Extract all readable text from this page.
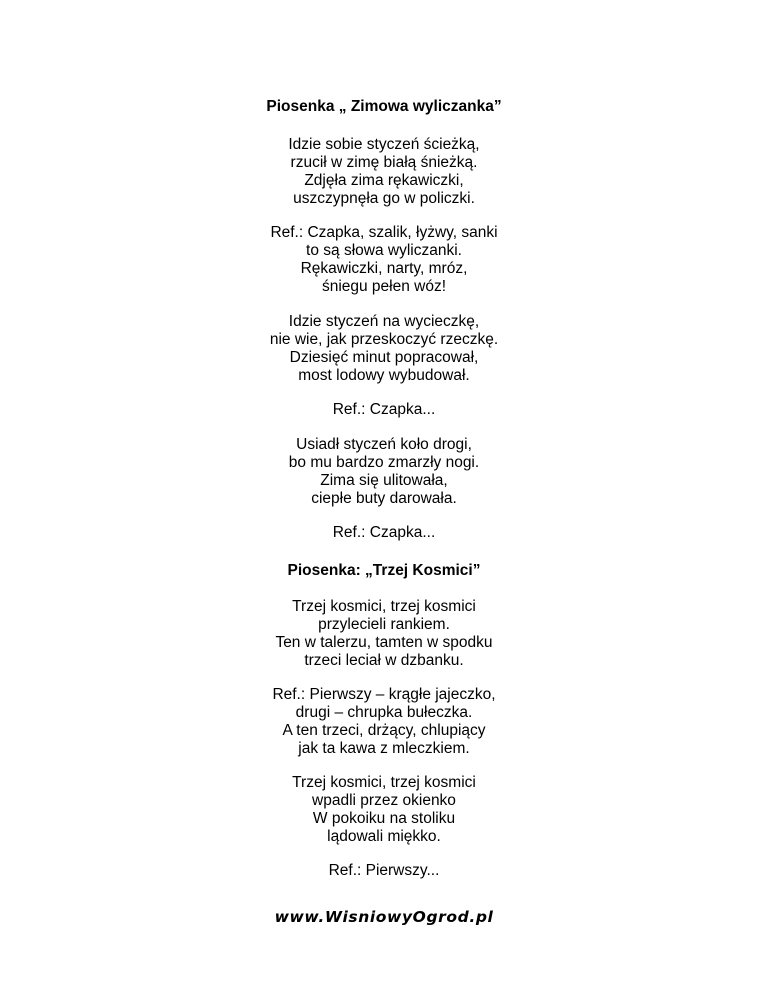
Piosenka „ Zimowa wyliczanka”
Idzie sobie styczeń ścieżką,
rzucił w zimę białą śnieżką.
Zdjęła zima rękawiczki,
uszczypnęła go w policzki.
Ref.: Czapka, szalik, łyżwy, sanki
to są słowa wyliczanki.
Rękawiczki, narty, mróz,
śniegu pełen wóz!
Idzie styczeń na wycieczkę,
nie wie, jak przeskoczyć rzeczkę.
Dziesięć minut popracował,
most lodowy wybudował.
Ref.: Czapka...
Usiadł styczeń koło drogi,
bo mu bardzo zmarzły nogi.
Zima się ulitowała,
ciepłe buty darowała.
Ref.: Czapka...
Piosenka: „Trzej Kosmici”
Trzej kosmici, trzej kosmici
przylecieli rankiem.
Ten w talerzu, tamten w spodku
trzeci leciał w dzbanku.
Ref.: Pierwszy – krągłe jajeczko,
drugi – chrupka bułeczka.
A ten trzeci, drżący, chlupiący
jak ta kawa z mleczkiem.
Trzej kosmici, trzej kosmici
wpadli przez okienko
W pokoiku na stoliku
lądowali miękko.
Ref.: Pierwszy...
www.WisniowyOgrod.pl
